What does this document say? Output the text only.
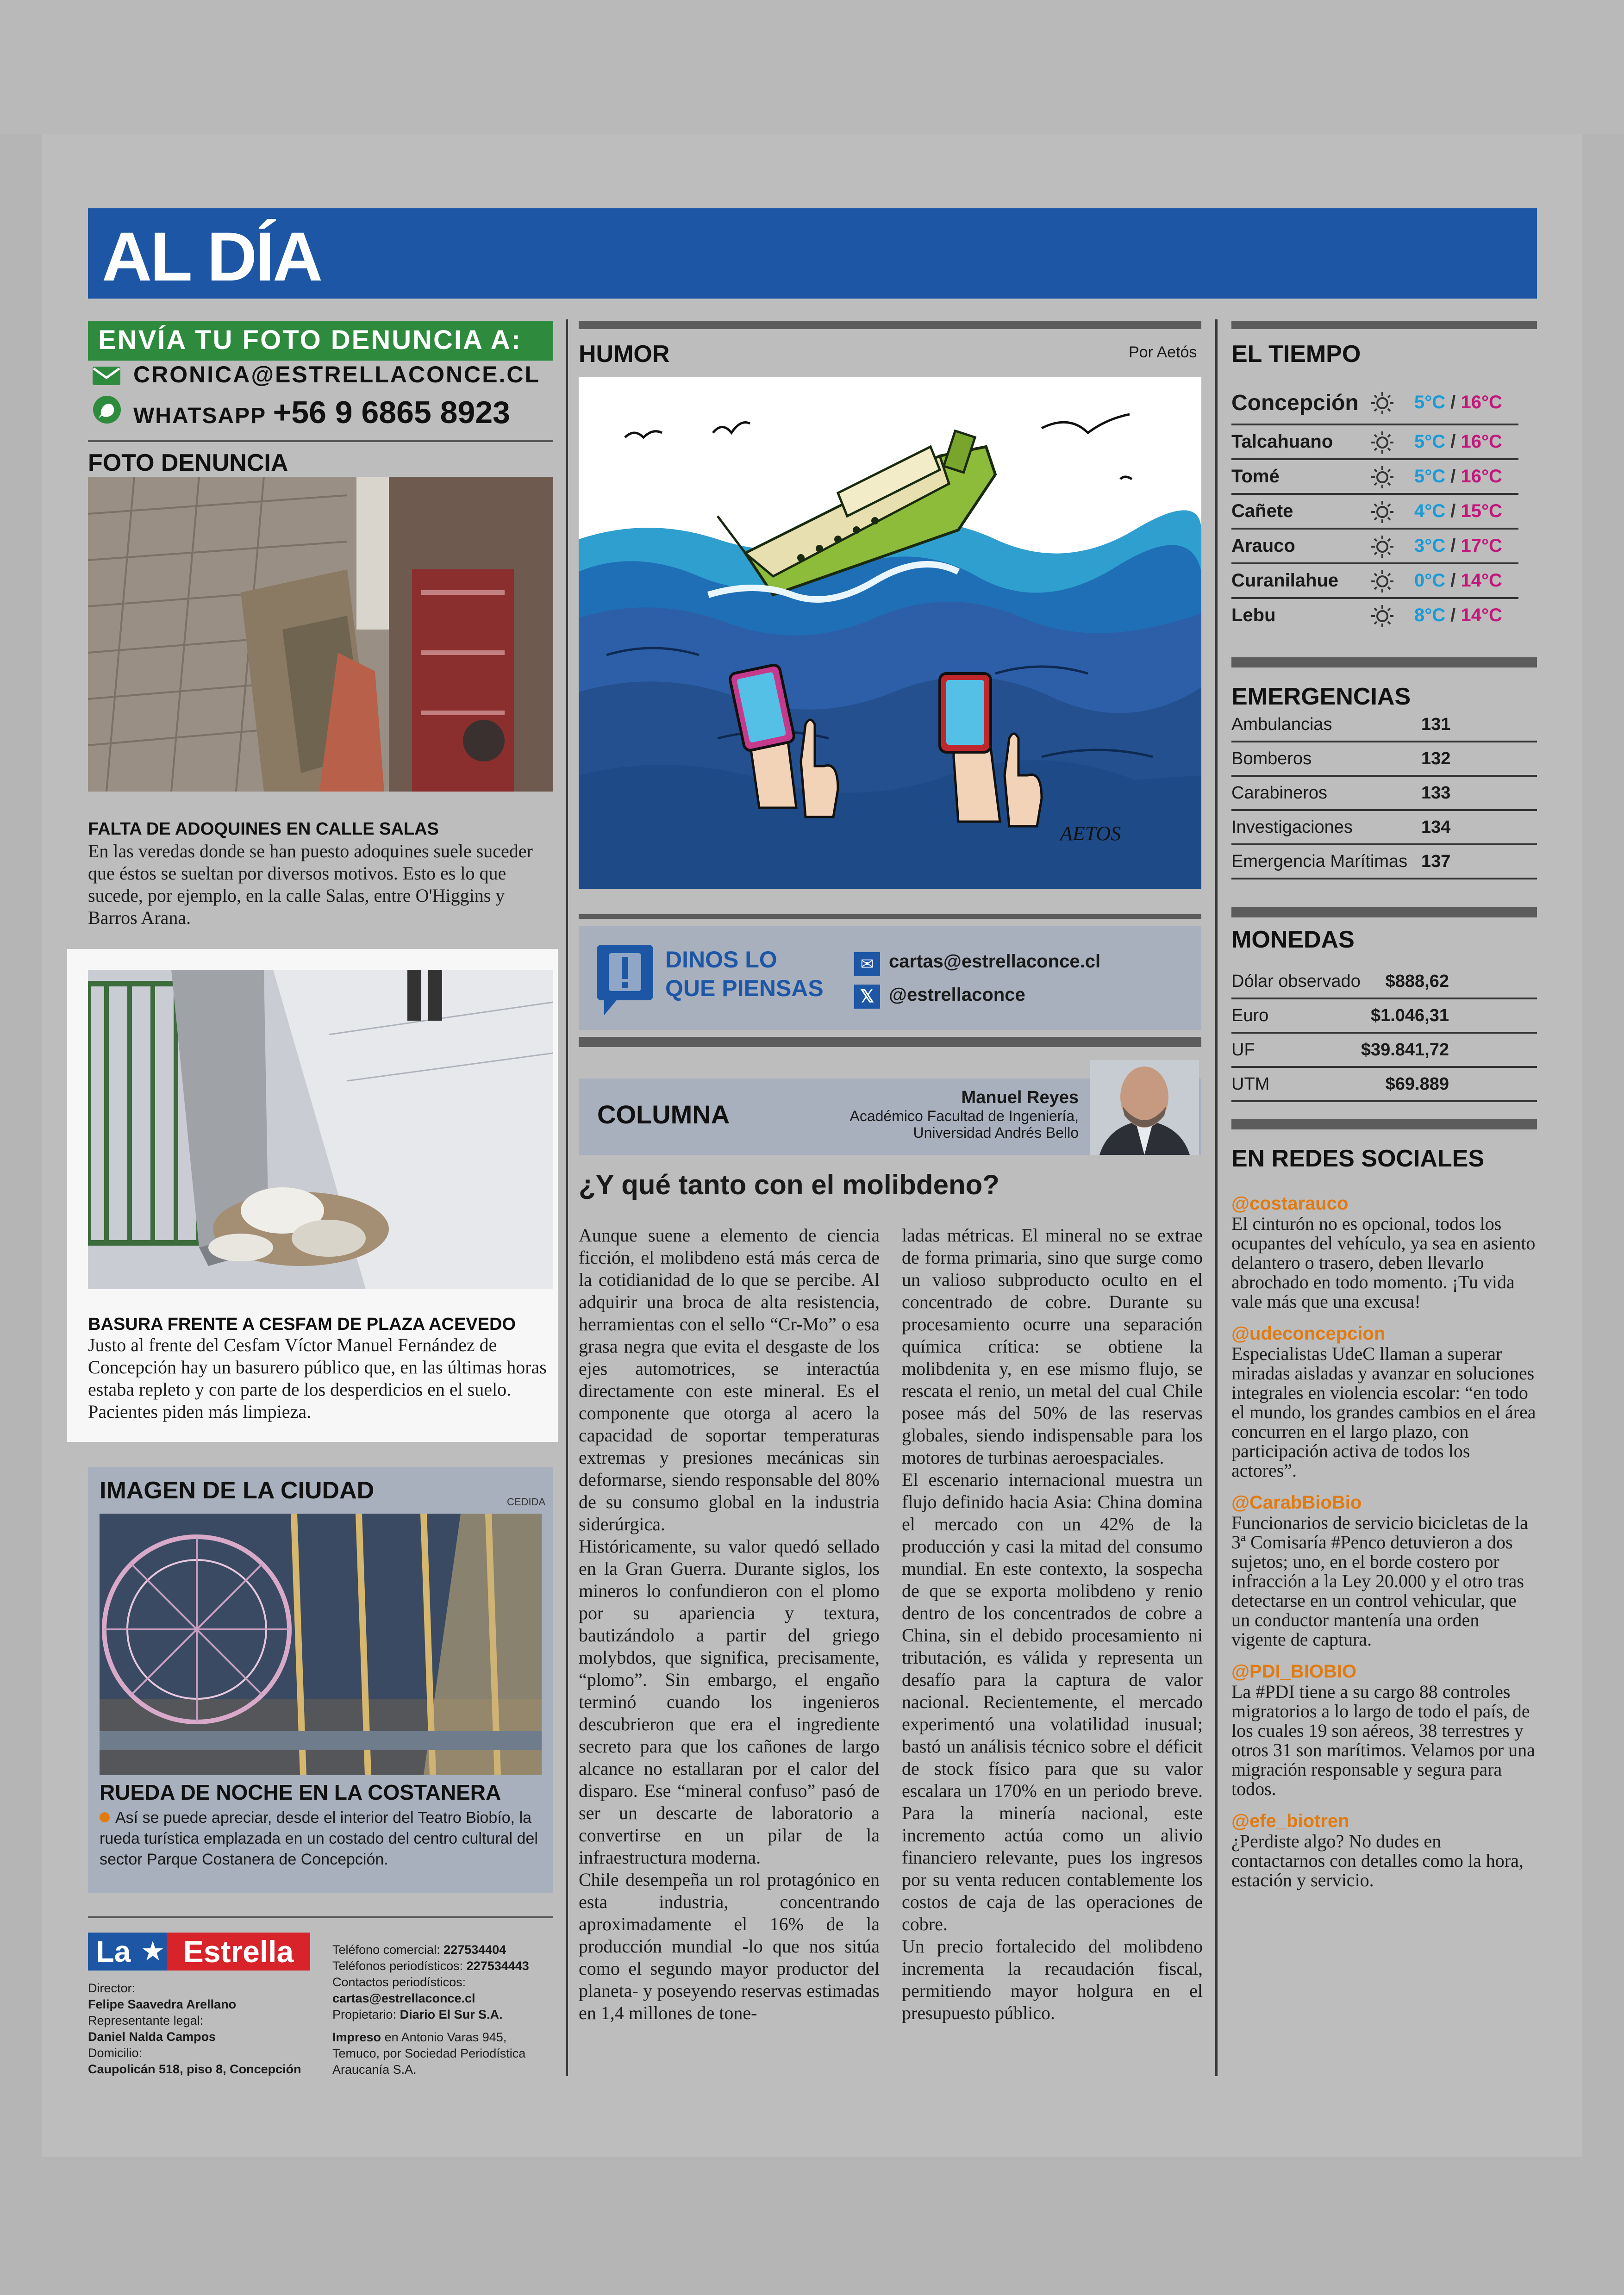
AL DÍA
ENVÍA TU FOTO DENUNCIA A:
CRONICA@ESTRELLACONCE.CL
WHATSAPP +56 9 6865 8923
FOTO DENUNCIA
FALTA DE ADOQUINES EN CALLE SALAS
En las veredas donde se han puesto adoquines suele suceder que éstos se sueltan por diversos motivos. Esto es lo que sucede, por ejemplo, en la calle Salas, entre O'Higgins y Barros Arana.
BASURA FRENTE A CESFAM DE PLAZA ACEVEDO
Justo al frente del Cesfam Víctor Manuel Fernández de Concepción hay un basurero público que, en las últimas horas estaba repleto y con parte de los desperdicios en el suelo. Pacientes piden más limpieza.
IMAGEN DE LA CIUDAD	CEDIDA
RUEDA DE NOCHE EN LA COSTANERA
Así se puede apreciar, desde el interior del Teatro Biobío, la rueda turística emplazada en un costado del centro cultural del sector Parque Costanera de Concepción.
La ★ Estrella
Director:
Felipe Saavedra Arellano
Representante legal:
Daniel Nalda Campos
Domicilio:
Caupolicán 518, piso 8, Concepción
Teléfono comercial: 227534404
Teléfonos periodísticos: 227534443
Contactos periodísticos:
cartas@estrellaconce.cl
Propietario: Diario El Sur S.A.
Impreso en Antonio Varas 945, Temuco, por Sociedad Periodística Araucanía S.A.
HUMOR	Por Aetós
AETOS
DINOS LO
QUE PIENSAS
✉ cartas@estrellaconce.cl
𝕏 @estrellaconce
COLUMNA
Manuel Reyes
Académico Facultad de Ingeniería,
Universidad Andrés Bello
¿Y qué tanto con el molibdeno?
Aunque suene a elemento de ciencia ficción, el molibdeno está más cerca de la cotidianidad de lo que se percibe. Al adquirir una broca de alta resistencia, herramientas con el sello “Cr-Mo” o esa grasa negra que evita el desgaste de los ejes automotrices, se interactúa directamente con este mineral. Es el componente que otorga al acero la capacidad de soportar temperaturas extremas y presiones mecánicas sin deformarse, siendo responsable del 80% de su consumo global en la industria siderúrgica.
Históricamente, su valor quedó sellado en la Gran Guerra. Durante siglos, los mineros lo confundieron con el plomo por su apariencia y textura, bautizándolo a partir del griego molybdos, que significa, precisamente, “plomo”. Sin embargo, el engaño terminó cuando los ingenieros descubrieron que era el ingrediente secreto para que los cañones de largo alcance no estallaran por el calor del disparo. Ese “mineral confuso” pasó de ser un descarte de laboratorio a convertirse en un pilar de la infraestructura moderna.
Chile desempeña un rol protagónico en esta industria, concentrando aproximadamente el 16% de la producción mundial -lo que nos sitúa como el segundo mayor productor del planeta- y poseyendo reservas estimadas en 1,4 millones de tone-
ladas métricas. El mineral no se extrae de forma primaria, sino que surge como un valioso subproducto oculto en el concentrado de cobre. Durante su procesamiento ocurre una separación química crítica: se obtiene la molibdenita y, en ese mismo flujo, se rescata el renio, un metal del cual Chile posee más del 50% de las reservas globales, siendo indispensable para los motores de turbinas aeroespaciales.
El escenario internacional muestra un flujo definido hacia Asia: China domina el mercado con un 42% de la producción y casi la mitad del consumo mundial. En este contexto, la sospecha de que se exporta molibdeno y renio dentro de los concentrados de cobre a China, sin el debido procesamiento ni tributación, es válida y representa un desafío para la captura de valor nacional. Recientemente, el mercado experimentó una volatilidad inusual; bastó un análisis técnico sobre el déficit de stock físico para que su valor escalara un 170% en un periodo breve. Para la minería nacional, este incremento actúa como un alivio financiero relevante, pues los ingresos por su venta reducen contablemente los costos de caja de las operaciones de cobre.
Un precio fortalecido del molibdeno incrementa la recaudación fiscal, permitiendo mayor holgura en el presupuesto público.
EL TIEMPO
Concepción	5°C / 16°C
Talcahuano	5°C / 16°C
Tomé	5°C / 16°C
Cañete	4°C / 15°C
Arauco	3°C / 17°C
Curanilahue	0°C / 14°C
Lebu	8°C / 14°C
EMERGENCIAS
Ambulancias	131
Bomberos	132
Carabineros	133
Investigaciones	134
Emergencia Marítimas 137
MONEDAS
Dólar observado $888,62
Euro	$1.046,31
UF	$39.841,72
UTM	$69.889
EN REDES SOCIALES
@costarauco
El cinturón no es opcional, todos los ocupantes del vehículo, ya sea en asiento delantero o trasero, deben llevarlo abrochado en todo momento. ¡Tu vida vale más que una excusa!
@udeconcepcion
Especialistas UdeC llaman a superar miradas aisladas y avanzar en soluciones integrales en violencia escolar: “en todo el mundo, los grandes cambios en el área concurren en el largo plazo, con participación activa de todos los actores”.
@CarabBioBio
Funcionarios de servicio bicicletas de la 3ª Comisaría #Penco detuvieron a dos sujetos; uno, en el borde costero por infracción a la Ley 20.000 y el otro tras detectarse en un control vehicular, que un conductor mantenía una orden vigente de captura.
@PDI_BIOBIO
La #PDI tiene a su cargo 88 controles migratorios a lo largo de todo el país, de los cuales 19 son aéreos, 38 terrestres y otros 31 son marítimos. Velamos por una migración responsable y segura para todos.
@efe_biotren
¿Perdiste algo? No dudes en contactarnos con detalles como la hora, estación y servicio.
